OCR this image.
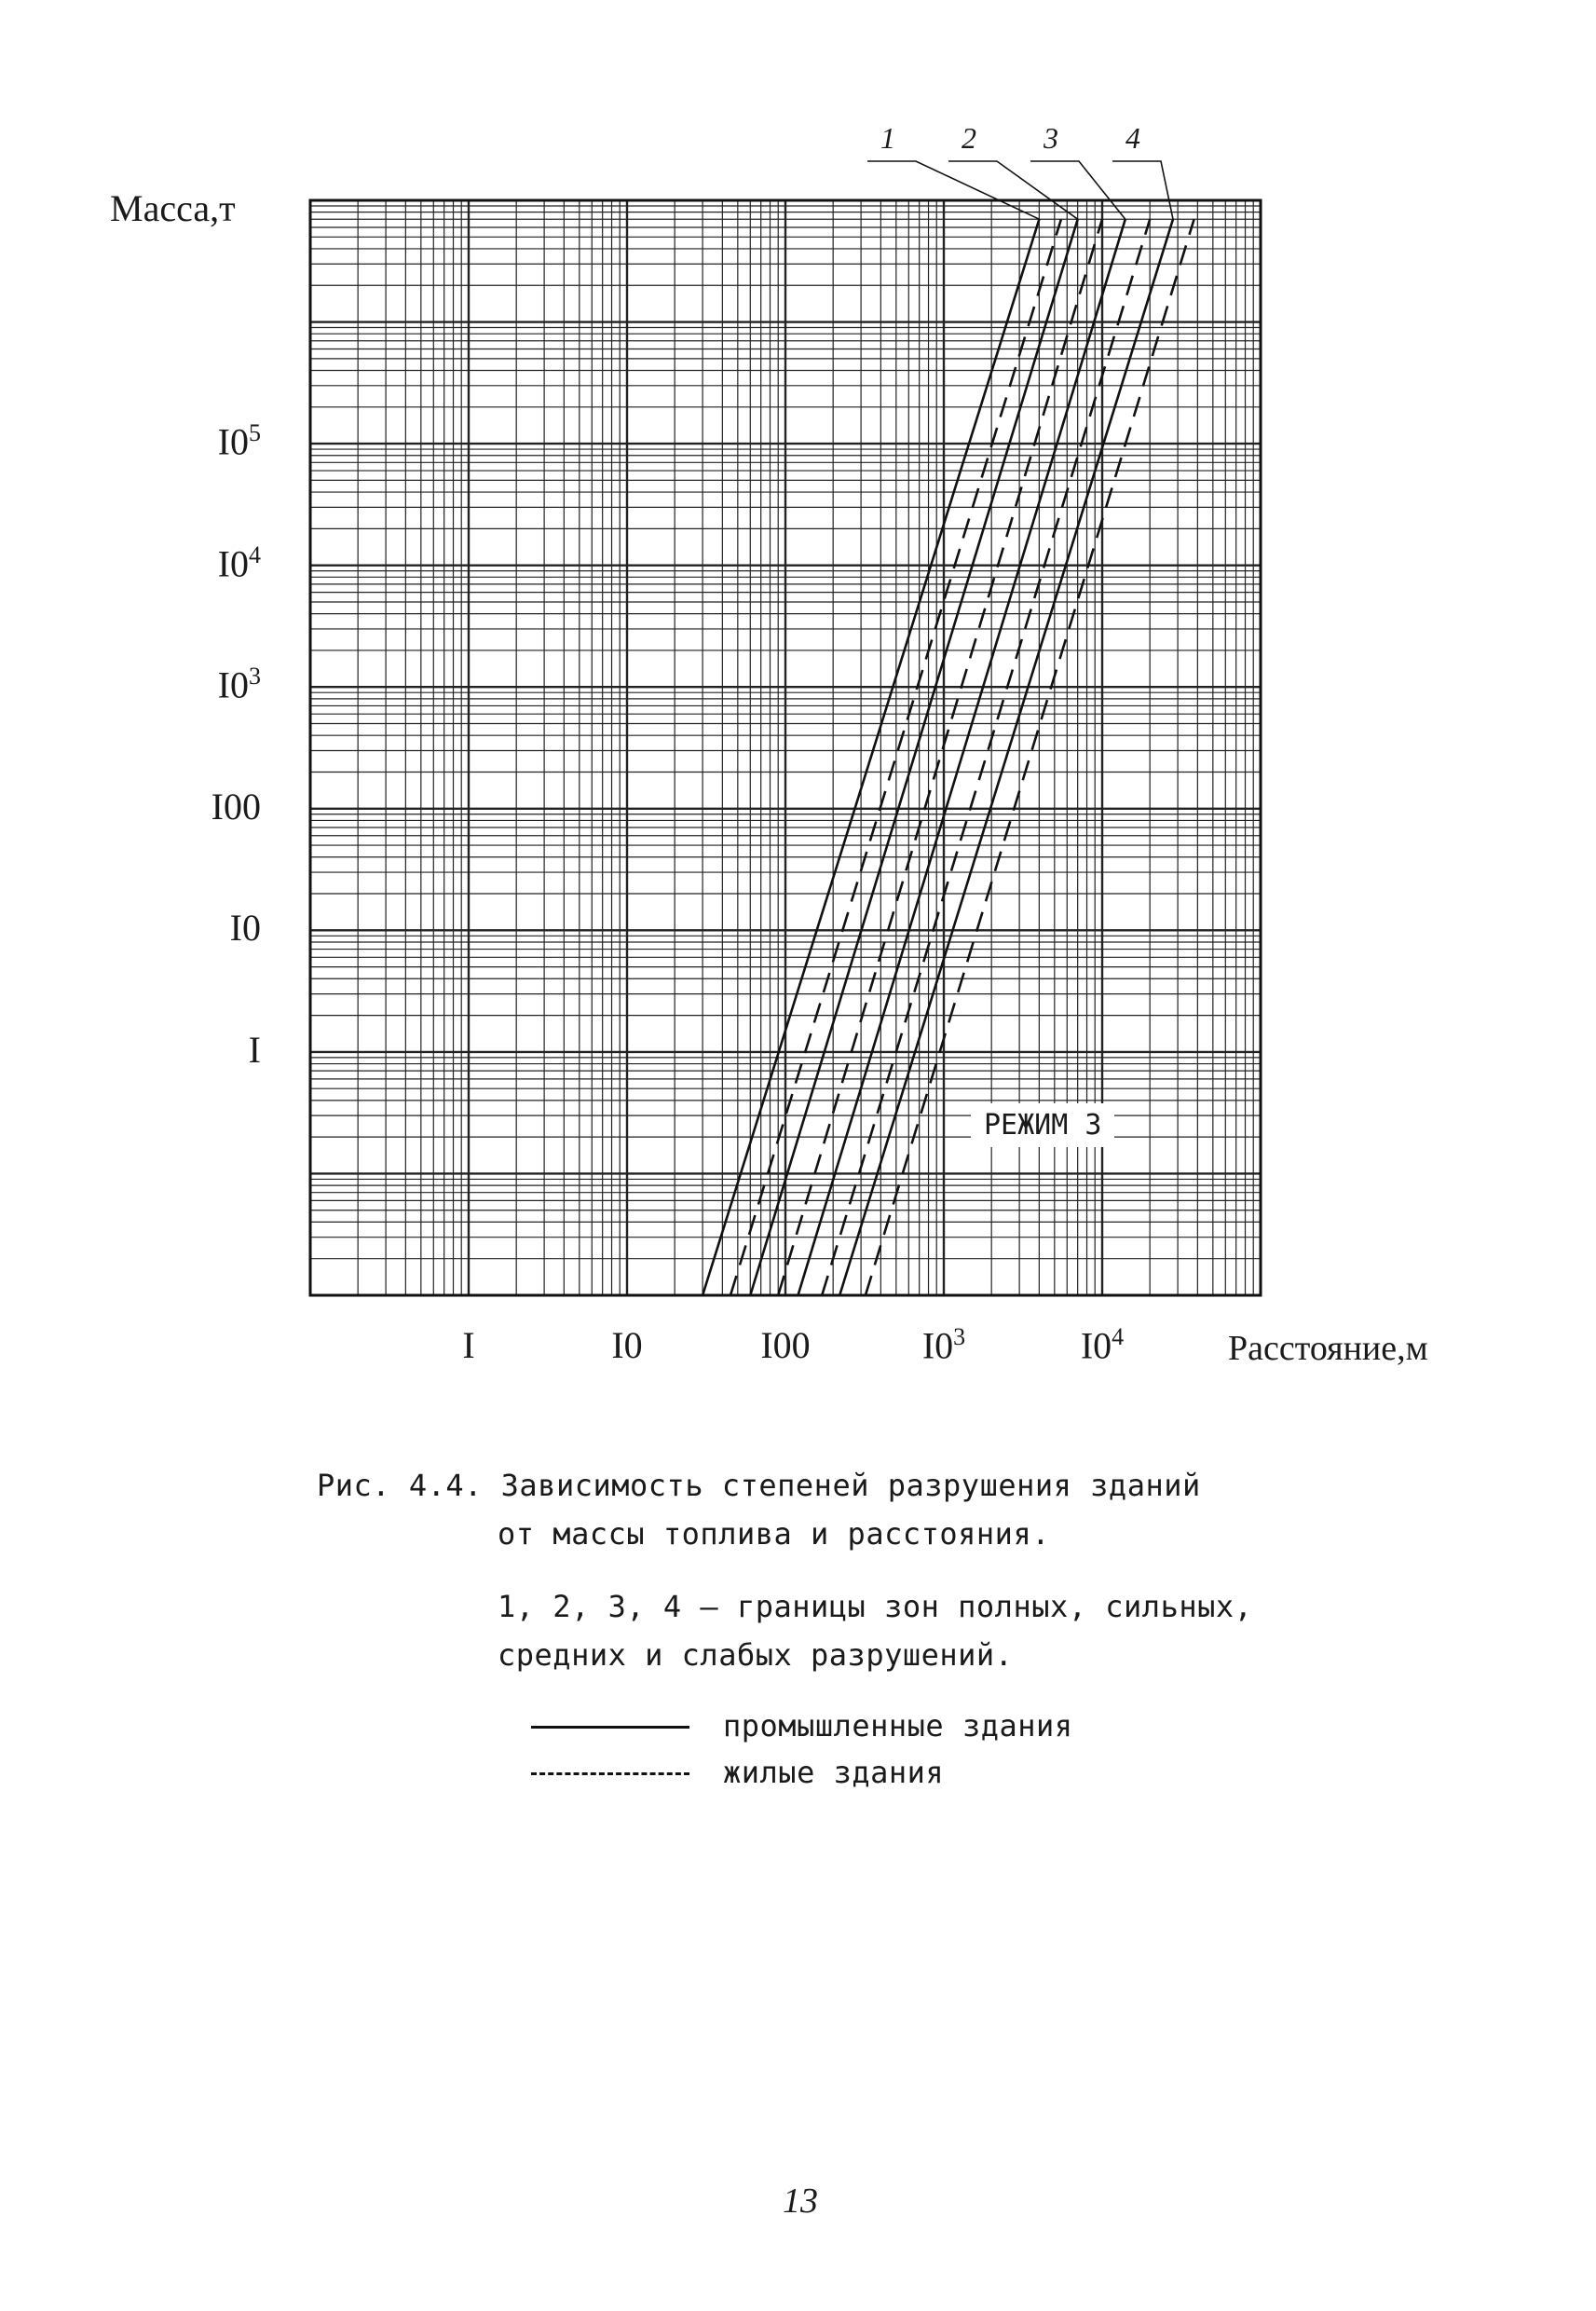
Масса,т
Расстояние,м
I
I0
I00
$I0^3$
$I0^4$
$I0^5$
I	I0	I00	$I0^3$	$I0^4$
1	2	3	4
РЕЖИМ 3
Рис. 4.4. Зависимость степеней разрушения зданий
от массы топлива и расстояния.
1, 2, 3, 4 – границы зон полных, сильных,
средних и слабых разрушений.
промышленные здания
жилые здания
13
